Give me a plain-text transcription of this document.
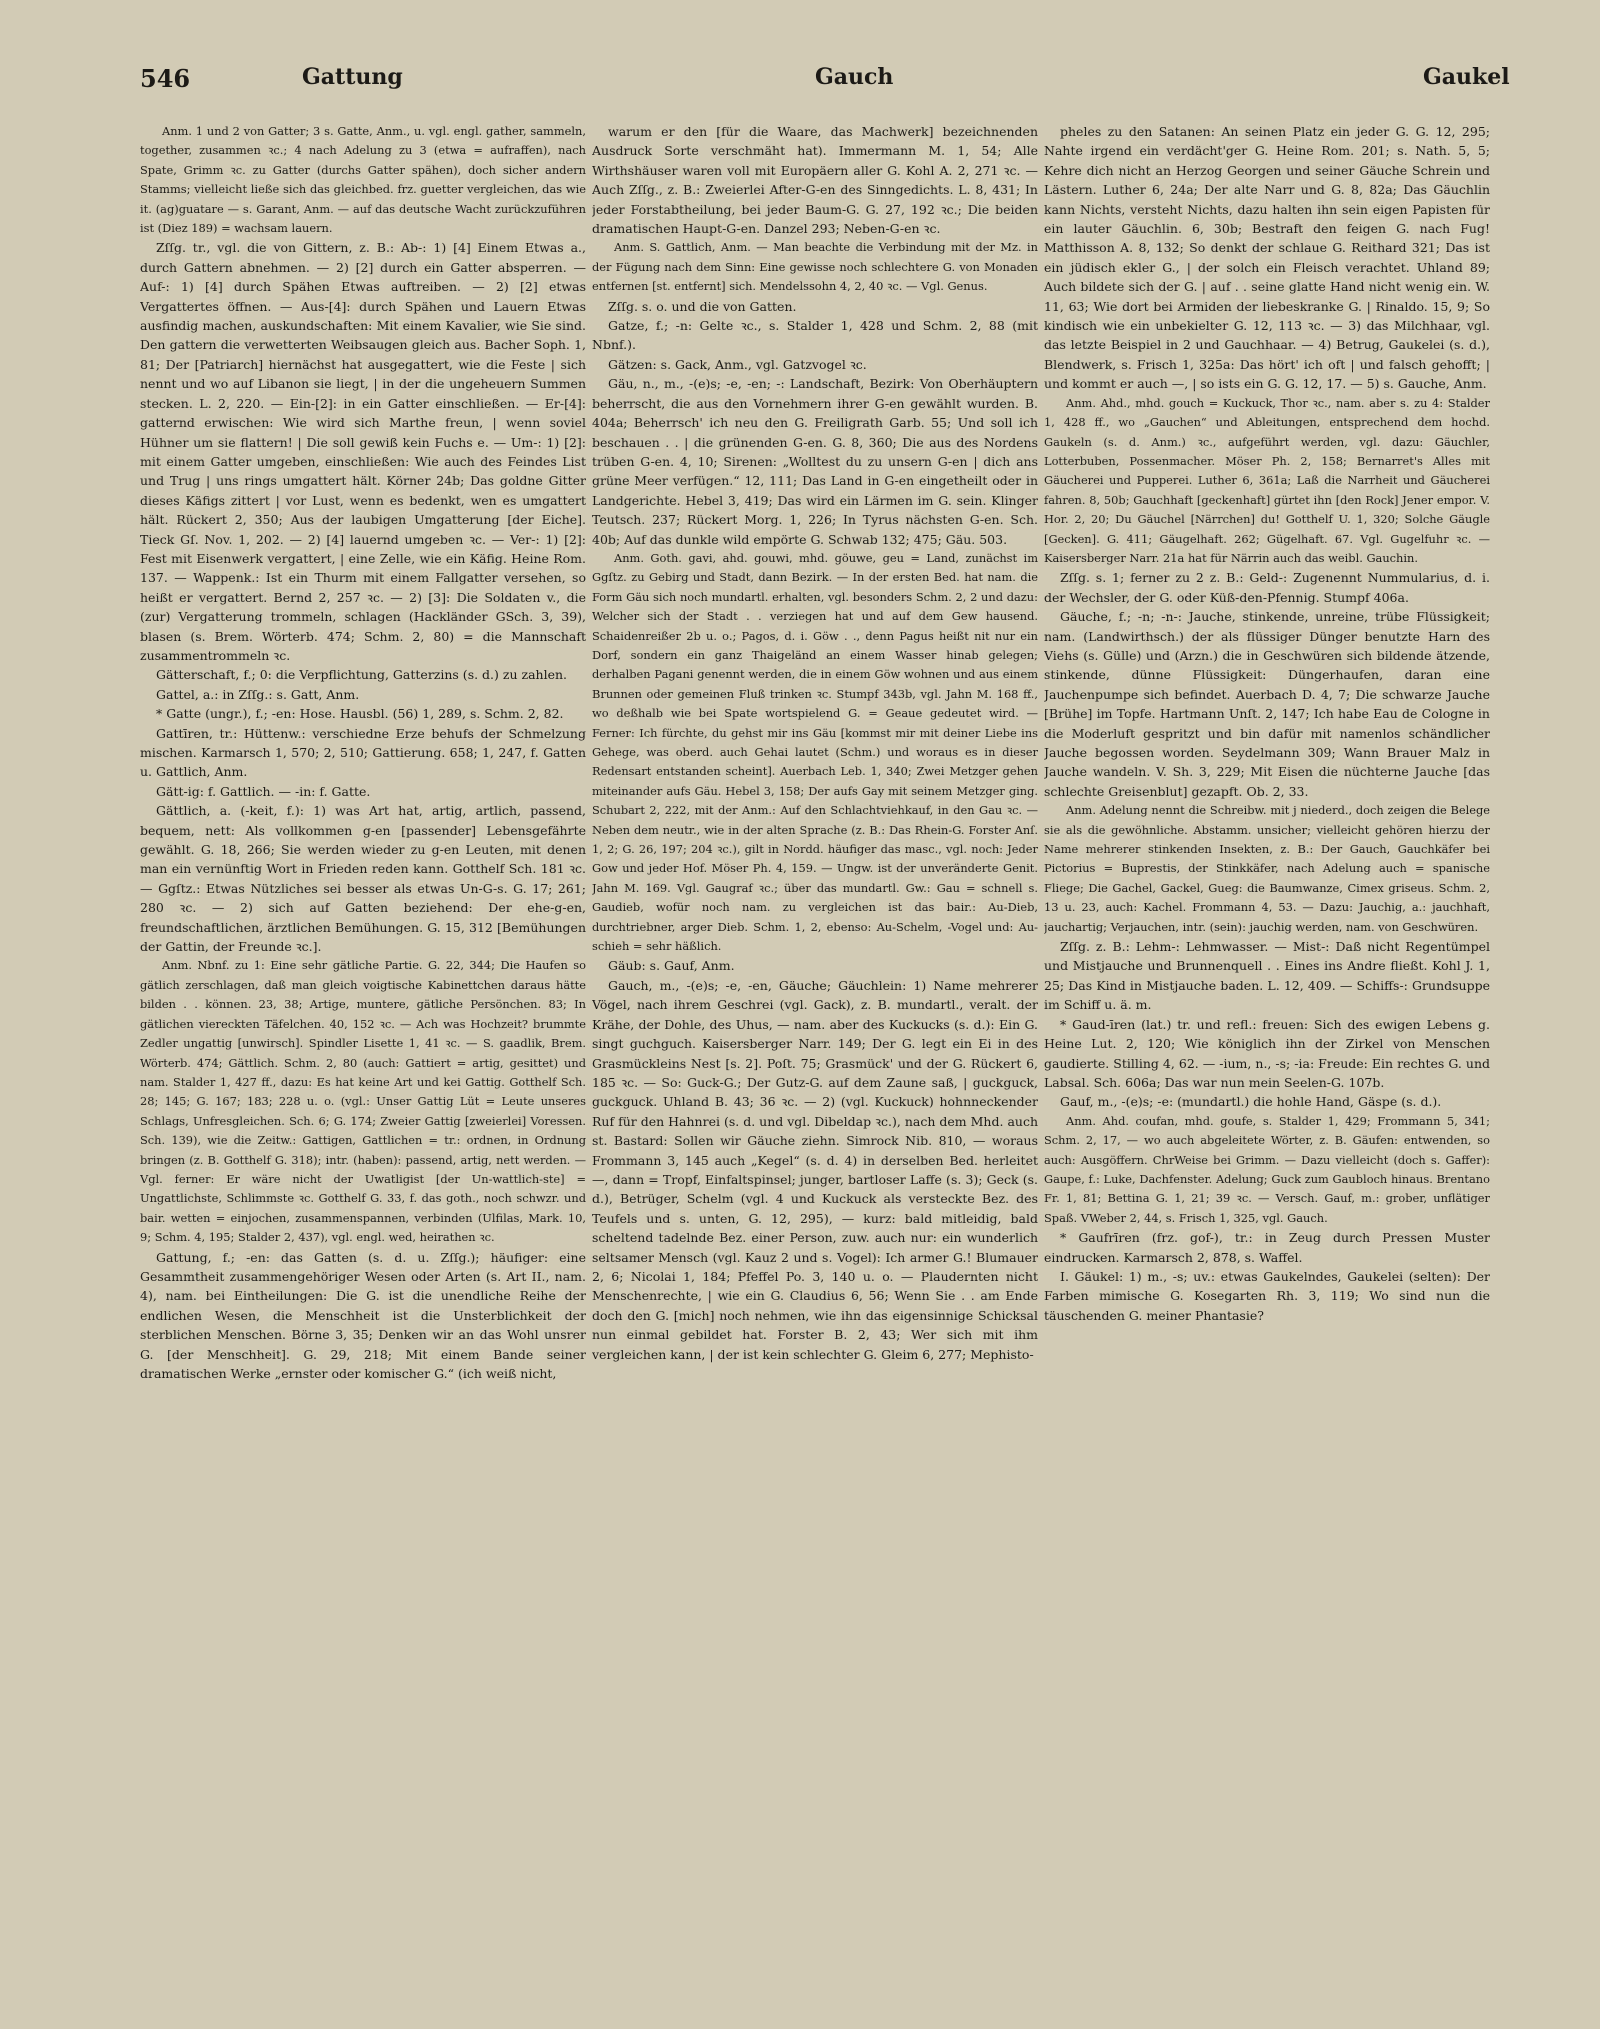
546	Gattung	Gauch	Gaukel

Anm. 1 und 2 von Gatter; 3 s. Gatte, Anm., u. vgl. engl. gather, sammeln, together, zusammen ꝛc.; 4 nach Adelung zu 3 (etwa = aufraffen), nach Spate, Grimm ꝛc. zu Gatter (durchs Gatter spähen), doch sicher andern Stamms; vielleicht ließe sich das gleichbed. frz. guetter vergleichen, das wie it. (ag)guatare — s. Garant, Anm. — auf das deutsche Wacht zurückzuführen ist (Diez 189) = wachsam lauern.

Zſſg. tr., vgl. die von Gittern, z. B.: Ab-: 1) [4] Einem Etwas a., durch Gattern abnehmen. — 2) [2] durch ein Gatter absperren. — Auf-: 1) [4] durch Spähen Etwas auftreiben. — 2) [2] etwas Vergattertes öffnen. — Aus-[4]: durch Spähen und Lauern Etwas ausfindig machen, auskundschaften: Mit einem Kavalier, wie Sie sind. Den gattern die verwetterten Weibsaugen gleich aus. Bacher Soph. 1, 81; Der [Patriarch] hiernächst hat ausgegattert, wie die Feste | sich nennt und wo auf Libanon sie liegt, | in der die ungeheuern Summen stecken. L. 2, 220. — Ein-[2]: in ein Gatter einschließen. — Er-[4]: gatternd erwischen: Wie wird sich Marthe freun, | wenn soviel Hühner um sie flattern! | Die soll gewiß kein Fuchs e. — Um-: 1) [2]: mit einem Gatter umgeben, einschließen: Wie auch des Feindes List und Trug | uns rings umgattert hält. Körner 24b; Das goldne Gitter dieses Käfigs zittert | vor Lust, wenn es bedenkt, wen es umgattert hält. Rückert 2, 350; Aus der laubigen Umgatterung [der Eiche]. Tieck Gſ. Nov. 1, 202. — 2) [4] lauernd umgeben ꝛc. — Ver-: 1) [2]: Fest mit Eisenwerk vergattert, | eine Zelle, wie ein Käfig. Heine Rom. 137. — Wappenk.: Ist ein Thurm mit einem Fallgatter versehen, so heißt er vergattert. Bernd 2, 257 ꝛc. — 2) [3]: Die Soldaten v., die (zur) Vergatterung trommeln, schlagen (Hackländer GSch. 3, 39), blasen (s. Brem. Wörterb. 474; Schm. 2, 80) = die Mannschaft zusammentrommeln ꝛc.

Gätterschaft, f.; 0: die Verpflichtung, Gatterzins (s. d.) zu zahlen.

Gattel, a.: in Zſſg.: s. Gatt, Anm.

* Gatte (ungr.), f.; -en: Hose. Hausbl. (56) 1, 289, s. Schm. 2, 82.

Gattīren, tr.: Hüttenw.: verschiedne Erze behufs der Schmelzung mischen. Karmarsch 1, 570; 2, 510; Gattierung. 658; 1, 247, f. Gatten u. Gattlich, Anm.

Gätt-ig: f. Gattlich. — -in: f. Gatte.

Gättlich, a. (-keit, f.): 1) was Art hat, artig, artlich, passend, bequem, nett: Als vollkommen g-en [passender] Lebensgefährte gewählt. G. 18, 266; Sie werden wieder zu g-en Leuten, mit denen man ein vernünftig Wort in Frieden reden kann. Gotthelf Sch. 181 ꝛc. — Ggſtz.: Etwas Nützliches sei besser als etwas Un-G-s. G. 17; 261; 280 ꝛc. — 2) sich auf Gatten beziehend: Der ehe-g-en, freundschaftlichen, ärztlichen Bemühungen. G. 15, 312 [Bemühungen der Gattin, der Freunde ꝛc.].

Anm. Nbnf. zu 1: Eine sehr gätliche Partie. G. 22, 344; Die Haufen so gätlich zerschlagen, daß man gleich voigtische Kabinettchen daraus hätte bilden . . können. 23, 38; Artige, muntere, gätliche Persönchen. 83; In gätlichen viereckten Täfelchen. 40, 152 ꝛc. — Ach was Hochzeit? brummte Zedler ungattig [unwirsch]. Spindler Lisette 1, 41 ꝛc. — S. gaadlik, Brem. Wörterb. 474; Gättlich. Schm. 2, 80 (auch: Gattiert = artig, gesittet) und nam. Stalder 1, 427 ff., dazu: Es hat keine Art und kei Gattig. Gotthelf Sch. 28; 145; G. 167; 183; 228 u. o. (vgl.: Unser Gattig Lüt = Leute unseres Schlags, Unfresgleichen. Sch. 6; G. 174; Zweier Gattig [zweierlei] Voressen. Sch. 139), wie die Zeitw.: Gattigen, Gattlichen = tr.: ordnen, in Ordnung bringen (z. B. Gotthelf G. 318); intr. (haben): passend, artig, nett werden. — Vgl. ferner: Er wäre nicht der Uwatligist [der Un-wattlich-ste] = Ungattlichste, Schlimmste ꝛc. Gotthelf G. 33, f. das goth., noch schwzr. und bair. wetten = einjochen, zusammenspannen, verbinden (Ulfilas, Mark. 10, 9; Schm. 4, 195; Stalder 2, 437), vgl. engl. wed, heirathen ꝛc.

Gattung, f.; -en: das Gatten (s. d. u. Zſſg.); häufiger: eine Gesammtheit zusammengehöriger Wesen oder Arten (s. Art II., nam. 4), nam. bei Eintheilungen: Die G. ist die unendliche Reihe der endlichen Wesen, die Menschheit ist die Unsterblichkeit der sterblichen Menschen. Börne 3, 35; Denken wir an das Wohl unsrer G. [der Menschheit]. G. 29, 218; Mit einem Bande seiner dramatischen Werke „ernster oder komischer G.“ (ich weiß nicht,

warum er den [für die Waare, das Machwerk] bezeichnenden Ausdruck Sorte verschmäht hat). Immermann M. 1, 54; Alle Wirthshäuser waren voll mit Europäern aller G. Kohl A. 2, 271 ꝛc. — Auch Zſſg., z. B.: Zweierlei After-G-en des Sinngedichts. L. 8, 431; In jeder Forstabtheilung, bei jeder Baum-G. G. 27, 192 ꝛc.; Die beiden dramatischen Haupt-G-en. Danzel 293; Neben-G-en ꝛc.

Anm. S. Gattlich, Anm. — Man beachte die Verbindung mit der Mz. in der Fügung nach dem Sinn: Eine gewisse noch schlechtere G. von Monaden entfernen [st. entfernt] sich. Mendelssohn 4, 2, 40 ꝛc. — Vgl. Genus.

Zſſg. s. o. und die von Gatten.

Gatze, f.; -n: Gelte ꝛc., s. Stalder 1, 428 und Schm. 2, 88 (mit Nbnf.).

Gätzen: s. Gack, Anm., vgl. Gatzvogel ꝛc.

Gäu, n., m., -(e)s; -e, -en; -: Landschaft, Bezirk: Von Oberhäuptern beherrscht, die aus den Vornehmern ihrer G-en gewählt wurden. B. 404a; Beherrsch' ich neu den G. Freiligrath Garb. 55; Und soll ich beschauen . . | die grünenden G-en. G. 8, 360; Die aus des Nordens trüben G-en. 4, 10; Sirenen: „Wolltest du zu unsern G-en | dich ans grüne Meer verfügen.“ 12, 111; Das Land in G-en eingetheilt oder in Landgerichte. Hebel 3, 419; Das wird ein Lärmen im G. sein. Klinger Teutsch. 237; Rückert Morg. 1, 226; In Tyrus nächsten G-en. Sch. 40b; Auf das dunkle wild empörte G. Schwab 132; 475; Gäu. 503.

Anm. Goth. gavi, ahd. gouwi, mhd. göuwe, geu = Land, zunächst im Ggſtz. zu Gebirg und Stadt, dann Bezirk. — In der ersten Bed. hat nam. die Form Gäu sich noch mundartl. erhalten, vgl. besonders Schm. 2, 2 und dazu: Welcher sich der Stadt . . verziegen hat und auf dem Gew hausend. Schaidenreißer 2b u. o.; Pagos, d. i. Göw . ., denn Pagus heißt nit nur ein Dorf, sondern ein ganz Thaigeländ an einem Wasser hinab gelegen; derhalben Pagani genennt werden, die in einem Göw wohnen und aus einem Brunnen oder gemeinen Fluß trinken ꝛc. Stumpf 343b, vgl. Jahn M. 168 ff., wo deßhalb wie bei Spate wortspielend G. = Geaue gedeutet wird. — Ferner: Ich fürchte, du gehst mir ins Gäu [kommst mir mit deiner Liebe ins Gehege, was oberd. auch Gehai lautet (Schm.) und woraus es in dieser Redensart entstanden scheint]. Auerbach Leb. 1, 340; Zwei Metzger gehen miteinander aufs Gäu. Hebel 3, 158; Der aufs Gay mit seinem Metzger ging. Schubart 2, 222, mit der Anm.: Auf den Schlachtviehkauf, in den Gau ꝛc. — Neben dem neutr., wie in der alten Sprache (z. B.: Das Rhein-G. Forster Anſ. 1, 2; G. 26, 197; 204 ꝛc.), gilt in Nordd. häufiger das masc., vgl. noch: Jeder Gow und jeder Hof. Möser Ph. 4, 159. — Ungw. ist der unveränderte Genit. Jahn M. 169. Vgl. Gaugraf ꝛc.; über das mundartl. Gw.: Gau = schnell s. Gaudieb, wofür noch nam. zu vergleichen ist das bair.: Au-Dieb, durchtriebner, arger Dieb. Schm. 1, 2, ebenso: Au-Schelm, -Vogel und: Au-schieh = sehr häßlich.

Gäub: s. Gauf, Anm.

Gauch, m., -(e)s; -e, -en, Gäuche; Gäuchlein: 1) Name mehrerer Vögel, nach ihrem Geschrei (vgl. Gack), z. B. mundartl., veralt. der Krähe, der Dohle, des Uhus, — nam. aber des Kuckucks (s. d.): Ein G. singt guchguch. Kaisersberger Narr. 149; Der G. legt ein Ei in des Grasmückleins Nest [s. 2]. Poſt. 75; Grasmück' und der G. Rückert 6, 185 ꝛc. — So: Guck-G.; Der Gutz-G. auf dem Zaune saß, | guckguck, guckguck. Uhland B. 43; 36 ꝛc. — 2) (vgl. Kuckuck) hohnneckender Ruf für den Hahnrei (s. d. und vgl. Dibeldap ꝛc.), nach dem Mhd. auch st. Bastard: Sollen wir Gäuche ziehn. Simrock Nib. 810, — woraus Frommann 3, 145 auch „Kegel“ (s. d. 4) in derselben Bed. herleitet —, dann = Tropf, Einfaltspinsel; junger, bartloser Laffe (s. 3); Geck (s. d.), Betrüger, Schelm (vgl. 4 und Kuckuck als versteckte Bez. des Teufels und s. unten, G. 12, 295), — kurz: bald mitleidig, bald scheltend tadelnde Bez. einer Person, zuw. auch nur: ein wunderlich seltsamer Mensch (vgl. Kauz 2 und s. Vogel): Ich armer G.! Blumauer 2, 6; Nicolai 1, 184; Pfeffel Po. 3, 140 u. o. — Plaudernten nicht Menschenrechte, | wie ein G. Claudius 6, 56; Wenn Sie . . am Ende doch den G. [mich] noch nehmen, wie ihn das eigensinnige Schicksal nun einmal gebildet hat. Forster B. 2, 43; Wer sich mit ihm vergleichen kann, | der ist kein schlechter G. Gleim 6, 277; Mephisto-

pheles zu den Satanen: An seinen Platz ein jeder G. G. 12, 295; Nahte irgend ein verdächt'ger G. Heine Rom. 201; s. Nath. 5, 5; Kehre dich nicht an Herzog Georgen und seiner Gäuche Schrein und Lästern. Luther 6, 24a; Der alte Narr und G. 8, 82a; Das Gäuchlin kann Nichts, versteht Nichts, dazu halten ihn sein eigen Papisten für ein lauter Gäuchlin. 6, 30b; Bestraft den feigen G. nach Fug! Matthisson A. 8, 132; So denkt der schlaue G. Reithard 321; Das ist ein jüdisch ekler G., | der solch ein Fleisch verachtet. Uhland 89; Auch bildete sich der G. | auf . . seine glatte Hand nicht wenig ein. W. 11, 63; Wie dort bei Armiden der liebeskranke G. | Rinaldo. 15, 9; So kindisch wie ein unbekielter G. 12, 113 ꝛc. — 3) das Milchhaar, vgl. das letzte Beispiel in 2 und Gauchhaar. — 4) Betrug, Gaukelei (s. d.), Blendwerk, s. Frisch 1, 325a: Das hört' ich oft | und falsch gehofft; | und kommt er auch —, | so ists ein G. G. 12, 17. — 5) s. Gauche, Anm.

Anm. Ahd., mhd. gouch = Kuckuck, Thor ꝛc., nam. aber s. zu 4: Stalder 1, 428 ff., wo „Gauchen“ und Ableitungen, entsprechend dem hochd. Gaukeln (s. d. Anm.) ꝛc., aufgeführt werden, vgl. dazu: Gäuchler, Lotterbuben, Possenmacher. Möser Ph. 2, 158; Bernarret's Alles mit Gäucherei und Pupperei. Luther 6, 361a; Laß die Narrheit und Gäucherei fahren. 8, 50b; Gauchhaft [geckenhaft] gürtet ihn [den Rock] Jener empor. V. Hor. 2, 20; Du Gäuchel [Närrchen] du! Gotthelf U. 1, 320; Solche Gäugle [Gecken]. G. 411; Gäugelhaft. 262; Gügelhaft. 67. Vgl. Gugelfuhr ꝛc. — Kaisersberger Narr. 21a hat für Närrin auch das weibl. Gauchin.

Zſſg. s. 1; ferner zu 2 z. B.: Geld-: Zugenennt Nummularius, d. i. der Wechsler, der G. oder Küß-den-Pfennig. Stumpf 406a.

Gäuche, f.; -n; -n-: Jauche, stinkende, unreine, trübe Flüssigkeit; nam. (Landwirthsch.) der als flüssiger Dünger benutzte Harn des Viehs (s. Gülle) und (Arzn.) die in Geschwüren sich bildende ätzende, stinkende, dünne Flüssigkeit: Düngerhaufen, daran eine Jauchenpumpe sich befindet. Auerbach D. 4, 7; Die schwarze Jauche [Brühe] im Topfe. Hartmann Unſt. 2, 147; Ich habe Eau de Cologne in die Moderluft gespritzt und bin dafür mit namenlos schändlicher Jauche begossen worden. Seydelmann 309; Wann Brauer Malz in Jauche wandeln. V. Sh. 3, 229; Mit Eisen die nüchterne Jauche [das schlechte Greisenblut] gezapft. Ob. 2, 33.

Anm. Adelung nennt die Schreibw. mit j niederd., doch zeigen die Belege sie als die gewöhnliche. Abstamm. unsicher; vielleicht gehören hierzu der Name mehrerer stinkenden Insekten, z. B.: Der Gauch, Gauchkäfer bei Pictorius = Buprestis, der Stinkkäfer, nach Adelung auch = spanische Fliege; Die Gachel, Gackel, Gueg: die Baumwanze, Cimex griseus. Schm. 2, 13 u. 23, auch: Kachel. Frommann 4, 53. — Dazu: Jauchig, a.: jauchhaft, jauchartig; Verjauchen, intr. (sein): jauchig werden, nam. von Geschwüren.

Zſſg. z. B.: Lehm-: Lehmwasser. — Mist-: Daß nicht Regentümpel und Mistjauche und Brunnenquell . . Eines ins Andre fließt. Kohl J. 1, 25; Das Kind in Mistjauche baden. L. 12, 409. — Schiffs-: Grundsuppe im Schiff u. ä. m.

* Gaud-īren (lat.) tr. und refl.: freuen: Sich des ewigen Lebens g. Heine Lut. 2, 120; Wie königlich ihn der Zirkel von Menschen gaudierte. Stilling 4, 62. — -ium, n., -s; -ia: Freude: Ein rechtes G. und Labsal. Sch. 606a; Das war nun mein Seelen-G. 107b.

Gauf, m., -(e)s; -e: (mundartl.) die hohle Hand, Gäspe (s. d.).

Anm. Ahd. coufan, mhd. goufe, s. Stalder 1, 429; Frommann 5, 341; Schm. 2, 17, — wo auch abgeleitete Wörter, z. B. Gäufen: entwenden, so auch: Ausgöffern. ChrWeise bei Grimm. — Dazu vielleicht (doch s. Gaffer): Gaupe, f.: Luke, Dachfenster. Adelung; Guck zum Gaubloch hinaus. Brentano Fr. 1, 81; Bettina G. 1, 21; 39 ꝛc. — Versch. Gauf, m.: grober, unflätiger Spaß. VWeber 2, 44, s. Frisch 1, 325, vgl. Gauch.

* Gaufrīren (frz. gof-), tr.: in Zeug durch Pressen Muster eindrucken. Karmarsch 2, 878, s. Waffel.

I. Gäukel: 1) m., -s; uv.: etwas Gaukelndes, Gaukelei (selten): Der Farben mimische G. Kosegarten Rh. 3, 119; Wo sind nun die täuschenden G. meiner Phantasie?
